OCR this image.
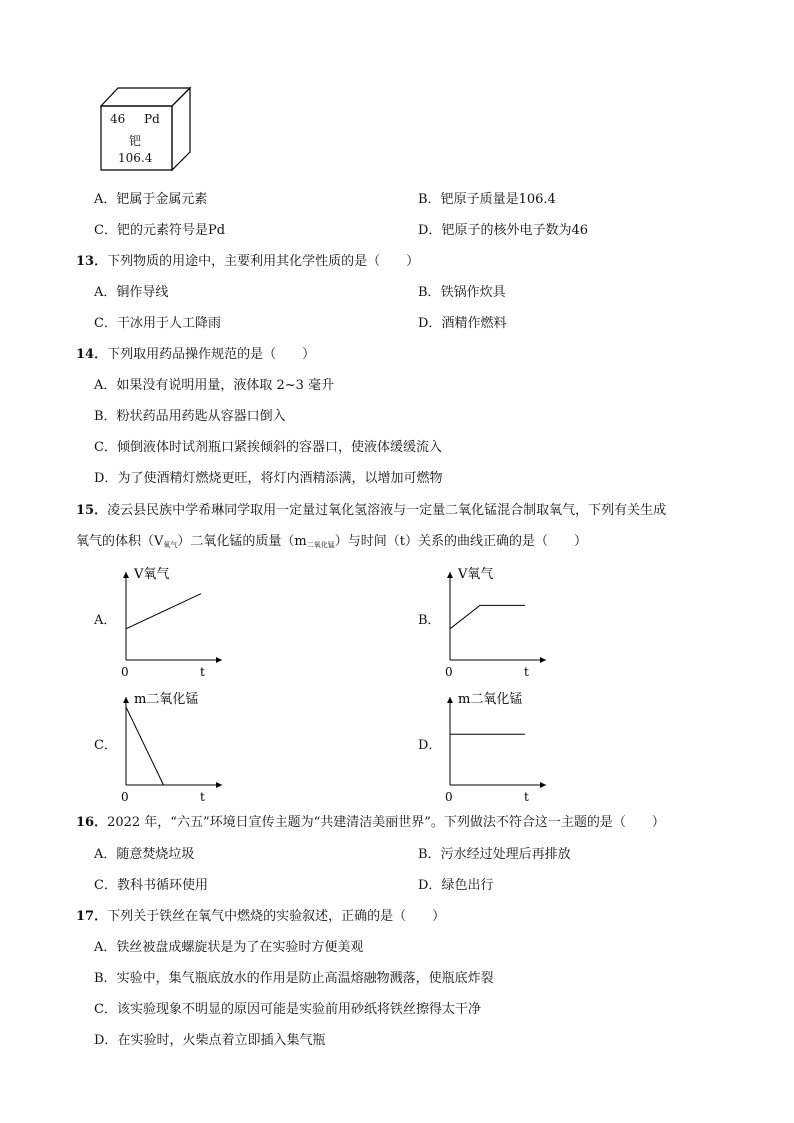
46 Pd
钯
106.4
A．钯属于金属元素	B．钯原子质量是106.4
C．钯的元素符号是Pd	D．钯原子的核外电子数为46
13．下列物质的用途中，主要利用其化学性质的是（　　）
A．铜作导线	B．铁锅作炊具
C．干冰用于人工降雨	D．酒精作燃料
14．下列取用药品操作规范的是（　　）
A．如果没有说明用量，液体取 2~3 毫升
B．粉状药品用药匙从容器口倒入
C．倾倒液体时试剂瓶口紧挨倾斜的容器口，使液体缓缓流入
D．为了使酒精灯燃烧更旺，将灯内酒精添满，以增加可燃物
15．凌云县民族中学希琳同学取用一定量过氧化氢溶液与一定量二氧化锰混合制取氧气，下列有关生成
氧气的体积$(V_{氧气})$二氧化锰的质量$(m_{二氧化锰})$与时间（t）关系的曲线正确的是（　　）
A．
V氧气
t
0
B．
V氧气
t
0
C．
m二氧化锰
t
0
D．
m二氧化锰
t
0
16．2022 年，“六五”环境日宣传主题为“共建清洁美丽世界”。下列做法不符合这一主题的是（　　）
A．随意焚烧垃圾	B．污水经过处理后再排放
C．教科书循环使用	D．绿色出行
17．下列关于铁丝在氧气中燃烧的实验叙述，正确的是（　　）
A．铁丝被盘成螺旋状是为了在实验时方便美观
B．实验中，集气瓶底放水的作用是防止高温熔融物溅落，使瓶底炸裂
C．该实验现象不明显的原因可能是实验前用砂纸将铁丝擦得太干净
D．在实验时，火柴点着立即插入集气瓶
